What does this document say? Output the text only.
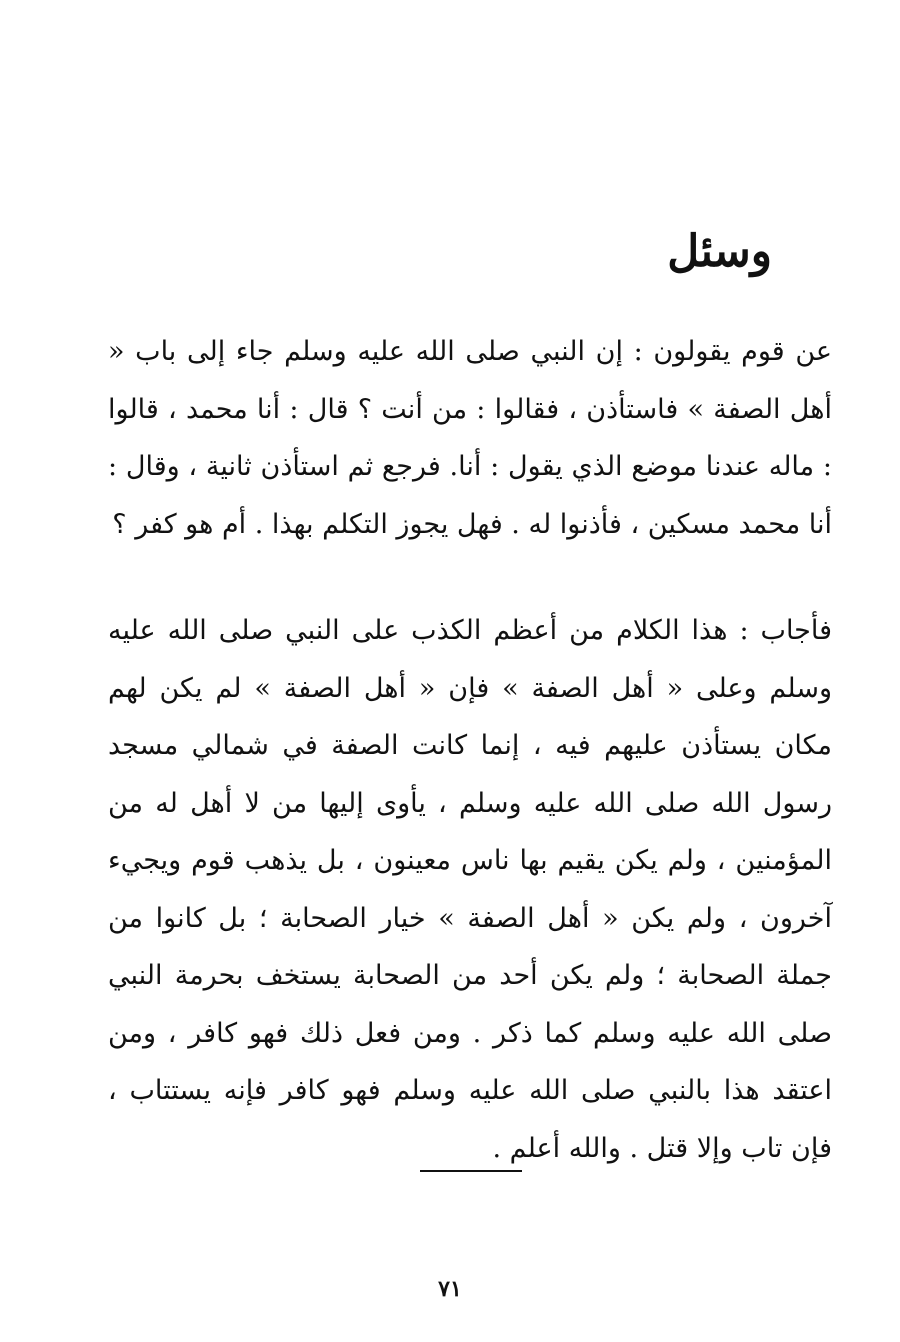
وسئل

عن قوم يقولون : إن النبي صلى الله عليه وسلم جاء إلى باب « أهل الصفة » فاستأذن ، فقالوا : من أنت ؟ قال : أنا محمد ، قالوا : ماله عندنا موضع الذي يقول : أنا. فرجع ثم استأذن ثانية ، وقال : أنا محمد مسكين ، فأذنوا له . فهل يجوز التكلم بهذا . أم هو كفر ؟

فأجاب : هذا الكلام من أعظم الكذب على النبي صلى الله عليه وسلم وعلى « أهل الصفة » فإن « أهل الصفة » لم يكن لهم مكان يستأذن عليهم فيه ، إنما كانت الصفة في شمالي مسجد رسول الله صلى الله عليه وسلم ، يأوى إليها من لا أهل له من المؤمنين ، ولم يكن يقيم بها ناس معينون ، بل يذهب قوم ويجيء آخرون ، ولم يكن « أهل الصفة » خيار الصحابة ؛ بل كانوا من جملة الصحابة ؛ ولم يكن أحد من الصحابة يستخف بحرمة النبي صلى الله عليه وسلم كما ذكر . ومن فعل ذلك فهو كافر ، ومن اعتقد هذا بالنبي صلى الله عليه وسلم فهو كافر فإنه يستتاب ، فإن تاب وإلا قتل . والله أعلم .

٧١
